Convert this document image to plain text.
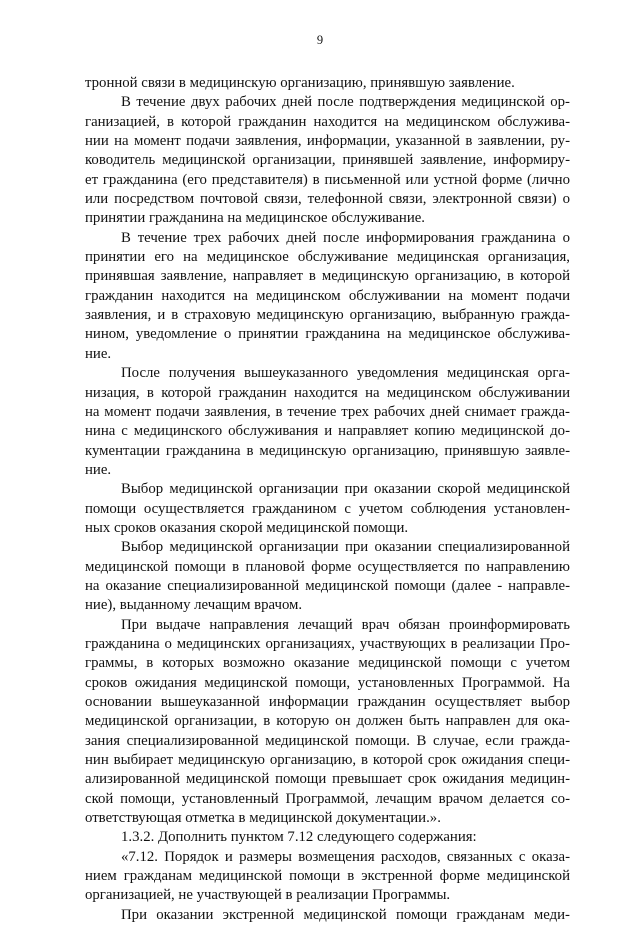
9
тронной связи в медицинскую организацию, принявшую заявление.
В течение двух рабочих дней после подтверждения медицинской ор-
ганизацией, в которой гражданин находится на медицинском обслужива-
нии на момент подачи заявления, информации, указанной в заявлении, ру-
ководитель медицинской организации, принявшей заявление, информиру-
ет гражданина (его представителя) в письменной или устной форме (лично
или посредством почтовой связи, телефонной связи, электронной связи) о
принятии гражданина на медицинское обслуживание.
В течение трех рабочих дней после информирования гражданина о
принятии его на медицинское обслуживание медицинская организация,
принявшая заявление, направляет в медицинскую организацию, в которой
гражданин находится на медицинском обслуживании на момент подачи
заявления, и в страховую медицинскую организацию, выбранную гражда-
нином, уведомление о принятии гражданина на медицинское обслужива-
ние.
После получения вышеуказанного уведомления медицинская орга-
низация, в которой гражданин находится на медицинском обслуживании
на момент подачи заявления, в течение трех рабочих дней снимает гражда-
нина с медицинского обслуживания и направляет копию медицинской до-
кументации гражданина в медицинскую организацию, принявшую заявле-
ние.
Выбор медицинской организации при оказании скорой медицинской
помощи осуществляется гражданином с учетом соблюдения установлен-
ных сроков оказания скорой медицинской помощи.
Выбор медицинской организации при оказании специализированной
медицинской помощи в плановой форме осуществляется по направлению
на оказание специализированной медицинской помощи (далее - направле-
ние), выданному лечащим врачом.
При выдаче направления лечащий врач обязан проинформировать
гражданина о медицинских организациях, участвующих в реализации Про-
граммы, в которых возможно оказание медицинской помощи с учетом
сроков ожидания медицинской помощи, установленных Программой. На
основании вышеуказанной информации гражданин осуществляет выбор
медицинской организации, в которую он должен быть направлен для ока-
зания специализированной медицинской помощи. В случае, если гражда-
нин выбирает медицинскую организацию, в которой срок ожидания специ-
ализированной медицинской помощи превышает срок ожидания медицин-
ской помощи, установленный Программой, лечащим врачом делается со-
ответствующая отметка в медицинской документации.».
1.3.2. Дополнить пунктом 7.12 следующего содержания:
«7.12. Порядок и размеры возмещения расходов, связанных с оказа-
нием гражданам медицинской помощи в экстренной форме медицинской
организацией, не участвующей в реализации Программы.
При оказании экстренной медицинской помощи гражданам меди-
